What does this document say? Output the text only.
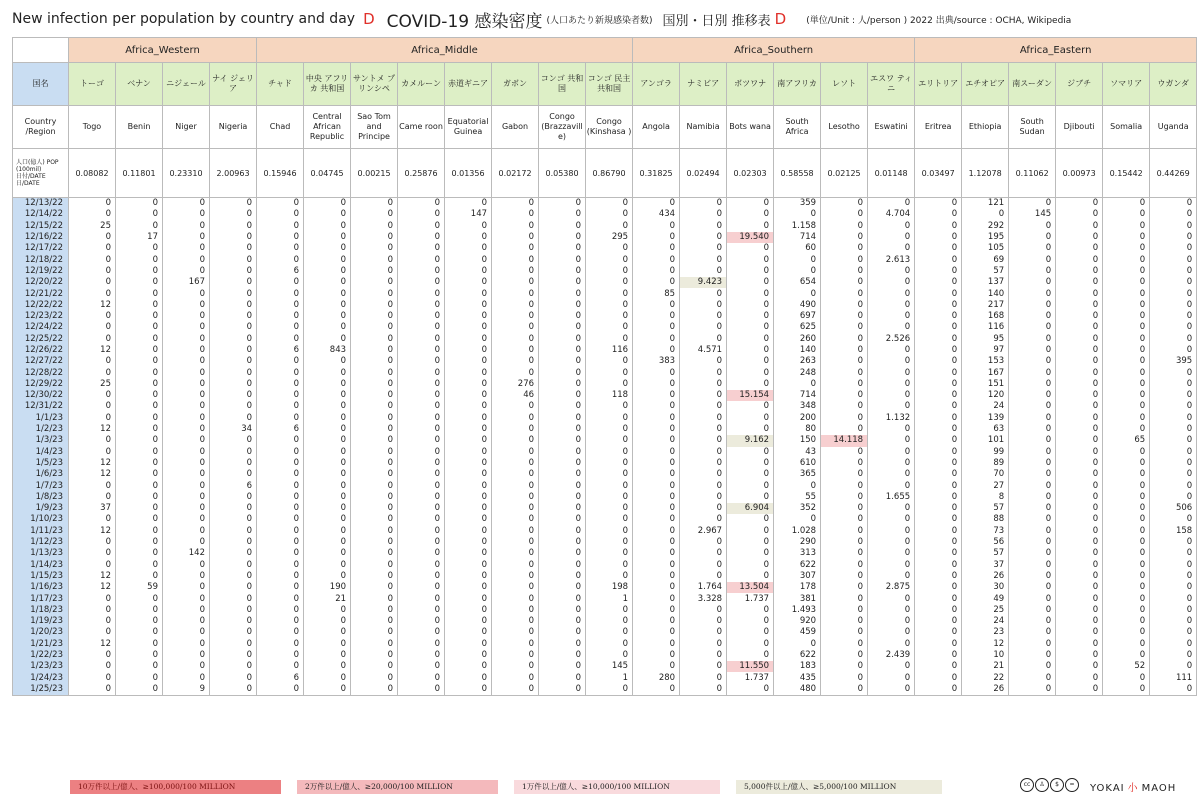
New infection per population by country and day D COVID-19 感染密度 (人口あたり新規感染者数) 国別・日別 推移表 D (単位/Unit : 人/person ) 2022 出典/source : OCHA, Wikipedia
	Africa_Western				Africa_Middle								Africa_Southern						Africa_Eastern					
国名	トーゴ	ベナン	ニジェール	ナイ ジェリア	チャド	中央 アフリカ 共和国	サントメ プリンシペ	カメルーン	赤道ギニア	ガボン	コンゴ 共和国	コンゴ 民主共和国	アンゴラ	ナミビア	ボツワナ	南アフリカ	レソト	エスワ ティニ	エリトリア	エチオピア	南スーダン	ジブチ	ソマリア	ウガンダ
Country /Region	Togo	Benin	Niger	Nigeria	Chad	Central African Republic	Sao Tom and Principe	Came roon	Equatorial Guinea	Gabon	Congo (Brazzavill e)	Congo (Kinshasa )	Angola	Namibia	Bots wana	South Africa	Lesotho	Eswatini	Eritrea	Ethiopia	South Sudan	Djibouti	Somalia	Uganda

人口(億人) POP (100mil)
日付/DATE
日/DATE	0.08082	0.11801	0.23310	2.00963	0.15946	0.04745	0.00215	0.25876	0.01356	0.02172	0.05380	0.86790	0.31825	0.02494	0.02303	0.58558	0.02125	0.01148	0.03497	1.12078	0.11062	0.00973	0.15442	0.44269
12/13/22	0	0	0	0	0	0	0	0	0	0	0	0	0	0	0	359	0	0	0	121	0	0	0	0
12/14/22	0	0	0	0	0	0	0	0	147	0	0	0	434	0	0	0	0	4.704	0	0	145	0	0	0
12/15/22	25	0	0	0	0	0	0	0	0	0	0	0	0	0	0	1.158	0	0	0	292	0	0	0	0
12/16/22	0	17	0	0	0	0	0	0	0	0	0	295	0	0	19.540	714	0	0	0	195	0	0	0	0
12/17/22	0	0	0	0	0	0	0	0	0	0	0	0	0	0	0	60	0	0	0	105	0	0	0	0
12/18/22	0	0	0	0	0	0	0	0	0	0	0	0	0	0	0	0	0	2.613	0	69	0	0	0	0
12/19/22	0	0	0	0	6	0	0	0	0	0	0	0	0	0	0	0	0	0	0	57	0	0	0	0
12/20/22	0	0	167	0	0	0	0	0	0	0	0	0	0	9.423	0	654	0	0	0	137	0	0	0	0
12/21/22	0	0	0	0	0	0	0	0	0	0	0	0	85	0	0	0	0	0	0	140	0	0	0	0
12/22/22	12	0	0	0	0	0	0	0	0	0	0	0	0	0	0	490	0	0	0	217	0	0	0	0
12/23/22	0	0	0	0	0	0	0	0	0	0	0	0	0	0	0	697	0	0	0	168	0	0	0	0
12/24/22	0	0	0	0	0	0	0	0	0	0	0	0	0	0	0	625	0	0	0	116	0	0	0	0
12/25/22	0	0	0	0	0	0	0	0	0	0	0	0	0	0	0	260	0	2.526	0	95	0	0	0	0
12/26/22	12	0	0	0	6	843	0	0	0	0	0	116	0	4.571	0	140	0	0	0	97	0	0	0	0
12/27/22	0	0	0	0	0	0	0	0	0	0	0	0	383	0	0	263	0	0	0	153	0	0	0	395
12/28/22	0	0	0	0	0	0	0	0	0	0	0	0	0	0	0	248	0	0	0	167	0	0	0	0
12/29/22	25	0	0	0	0	0	0	0	0	276	0	0	0	0	0	0	0	0	0	151	0	0	0	0
12/30/22	0	0	0	0	0	0	0	0	0	46	0	118	0	0	15.154	714	0	0	0	120	0	0	0	0
12/31/22	0	0	0	0	0	0	0	0	0	0	0	0	0	0	0	348	0	0	0	24	0	0	0	0
1/1/23	0	0	0	0	0	0	0	0	0	0	0	0	0	0	0	200	0	1.132	0	139	0	0	0	0
1/2/23	12	0	0	34	6	0	0	0	0	0	0	0	0	0	0	80	0	0	0	63	0	0	0	0
1/3/23	0	0	0	0	0	0	0	0	0	0	0	0	0	0	9.162	150	14.118	0	0	101	0	0	65	0
1/4/23	0	0	0	0	0	0	0	0	0	0	0	0	0	0	0	43	0	0	0	99	0	0	0	0
1/5/23	12	0	0	0	0	0	0	0	0	0	0	0	0	0	0	610	0	0	0	89	0	0	0	0
1/6/23	12	0	0	0	0	0	0	0	0	0	0	0	0	0	0	365	0	0	0	70	0	0	0	0
1/7/23	0	0	0	6	0	0	0	0	0	0	0	0	0	0	0	0	0	0	0	27	0	0	0	0
1/8/23	0	0	0	0	0	0	0	0	0	0	0	0	0	0	0	55	0	1.655	0	8	0	0	0	0
1/9/23	37	0	0	0	0	0	0	0	0	0	0	0	0	0	6.904	352	0	0	0	57	0	0	0	506
1/10/23	0	0	0	0	0	0	0	0	0	0	0	0	0	0	0	0	0	0	0	88	0	0	0	0
1/11/23	12	0	0	0	0	0	0	0	0	0	0	0	0	2.967	0	1.028	0	0	0	73	0	0	0	158
1/12/23	0	0	0	0	0	0	0	0	0	0	0	0	0	0	0	290	0	0	0	56	0	0	0	0
1/13/23	0	0	142	0	0	0	0	0	0	0	0	0	0	0	0	313	0	0	0	57	0	0	0	0
1/14/23	0	0	0	0	0	0	0	0	0	0	0	0	0	0	0	622	0	0	0	37	0	0	0	0
1/15/23	12	0	0	0	0	0	0	0	0	0	0	0	0	0	0	307	0	0	0	26	0	0	0	0
1/16/23	12	59	0	0	0	190	0	0	0	0	0	198	0	1.764	13.504	178	0	2.875	0	30	0	0	0	0
1/17/23	0	0	0	0	0	21	0	0	0	0	0	1	0	3.328	1.737	381	0	0	0	49	0	0	0	0
1/18/23	0	0	0	0	0	0	0	0	0	0	0	0	0	0	0	1.493	0	0	0	25	0	0	0	0
1/19/23	0	0	0	0	0	0	0	0	0	0	0	0	0	0	0	920	0	0	0	24	0	0	0	0
1/20/23	0	0	0	0	0	0	0	0	0	0	0	0	0	0	0	459	0	0	0	23	0	0	0	0
1/21/23	12	0	0	0	0	0	0	0	0	0	0	0	0	0	0	0	0	0	0	12	0	0	0	0
1/22/23	0	0	0	0	0	0	0	0	0	0	0	0	0	0	0	622	0	2.439	0	10	0	0	0	0
1/23/23	0	0	0	0	0	0	0	0	0	0	0	145	0	0	11.550	183	0	0	0	21	0	0	52	0
1/24/23	0	0	0	0	6	0	0	0	0	0	0	1	280	0	1.737	435	0	0	0	22	0	0	0	111
1/25/23	0	0	9	0	0	0	0	0	0	0	0	0	0	0	0	480	0	0	0	26	0	0	0	0
10万件以上/億人、≥100,000/100 MILLION	2万件以上/億人、≥20,000/100 MILLION	1万件以上/億人、≥10,000/100 MILLION	5,000件以上/億人、≥5,000/100 MILLION	cc	♙	$	=	YOKAI 小 MAOH
